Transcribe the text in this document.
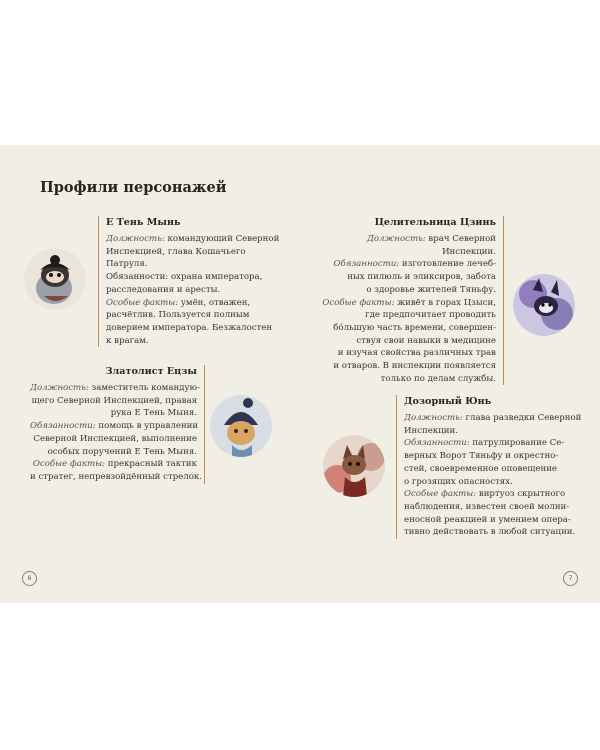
Профили персонажей
Е Тень Мынь
Должность: командующий Северной
Инспекцией, глава Кошачьего
Патруля.
Обязанности: охрана императора,
расследования и аресты.
Особые факты: умён, отважен,
расчётлив. Пользуется полным
доверием императора. Безжалостен
к врагам.
Златолист Ецзы
Должность: заместитель командую-
щего Северной Инспекцией, правая
рука Е Тень Мыня.
Обязанности: помощь в управлении
Северной Инспекцией, выполнение
особых поручений Е Тень Мыня.
Особые факты: прекрасный тактик
и стратег, непревзойдённый стрелок.
Целительница Цзинь
Должность: врач Северной
Инспекции.
Обязанности: изготовление лечеб-
ных пилюль и эликсиров, забота
о здоровье жителей Тяньфу.
Особые факты: живёт в горах Цзыси,
где предпочитает проводить
бо́льшую часть времени, совершен-
ствуя свои навыки в медицине
и изучая свойства различных трав
и отваров. В инспекции появляется
только по делам службы.
Дозорный Юнь
Должность: глава разведки Северной
Инспекции.
Обязанности: патрулирование Се-
верных Ворот Тяньфу и окрестно-
стей, своевременное оповещение
о грозящих опасностях.
Особые факты: виртуоз скрытного
наблюдения, известен своей молни-
еносной реакцией и умением опера-
тивно действовать в любой ситуации.
6	7
